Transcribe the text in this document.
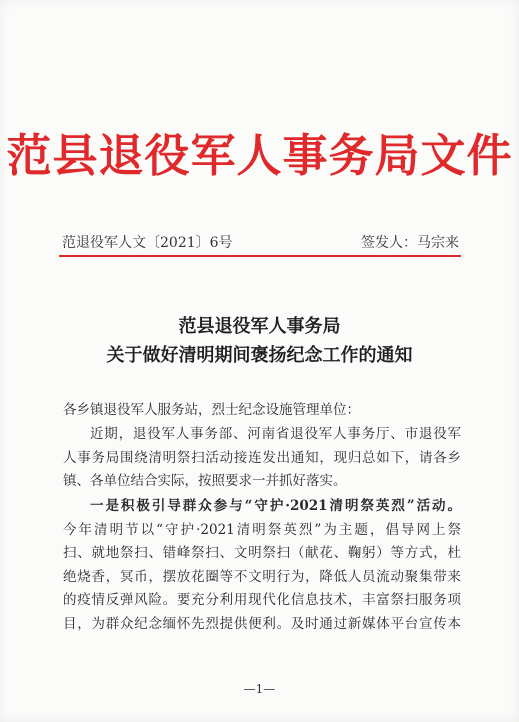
范县退役军人事务局文件
范退役军人文〔2021〕6号	签发人：马宗来
范县退役军人事务局
关于做好清明期间褒扬纪念工作的通知
各乡镇退役军人服务站，烈士纪念设施管理单位：
近期，退役军人事务部、河南省退役军人事务厅、市退役军
人事务局围绕清明祭扫活动接连发出通知，现归总如下，请各乡
镇、各单位结合实际，按照要求一并抓好落实。
一是积极引导群众参与“守护·2021清明祭英烈”活动。
今年清明节以“守护·2021清明祭英烈”为主题，倡导网上祭
扫、就地祭扫、错峰祭扫、文明祭扫（献花、鞠躬）等方式，杜
绝烧香，冥币，摆放花圈等不文明行为，降低人员流动聚集带来
的疫情反弹风险。要充分利用现代化信息技术，丰富祭扫服务项
目，为群众纪念缅怀先烈提供便利。及时通过新媒体平台宣传本
—1—
